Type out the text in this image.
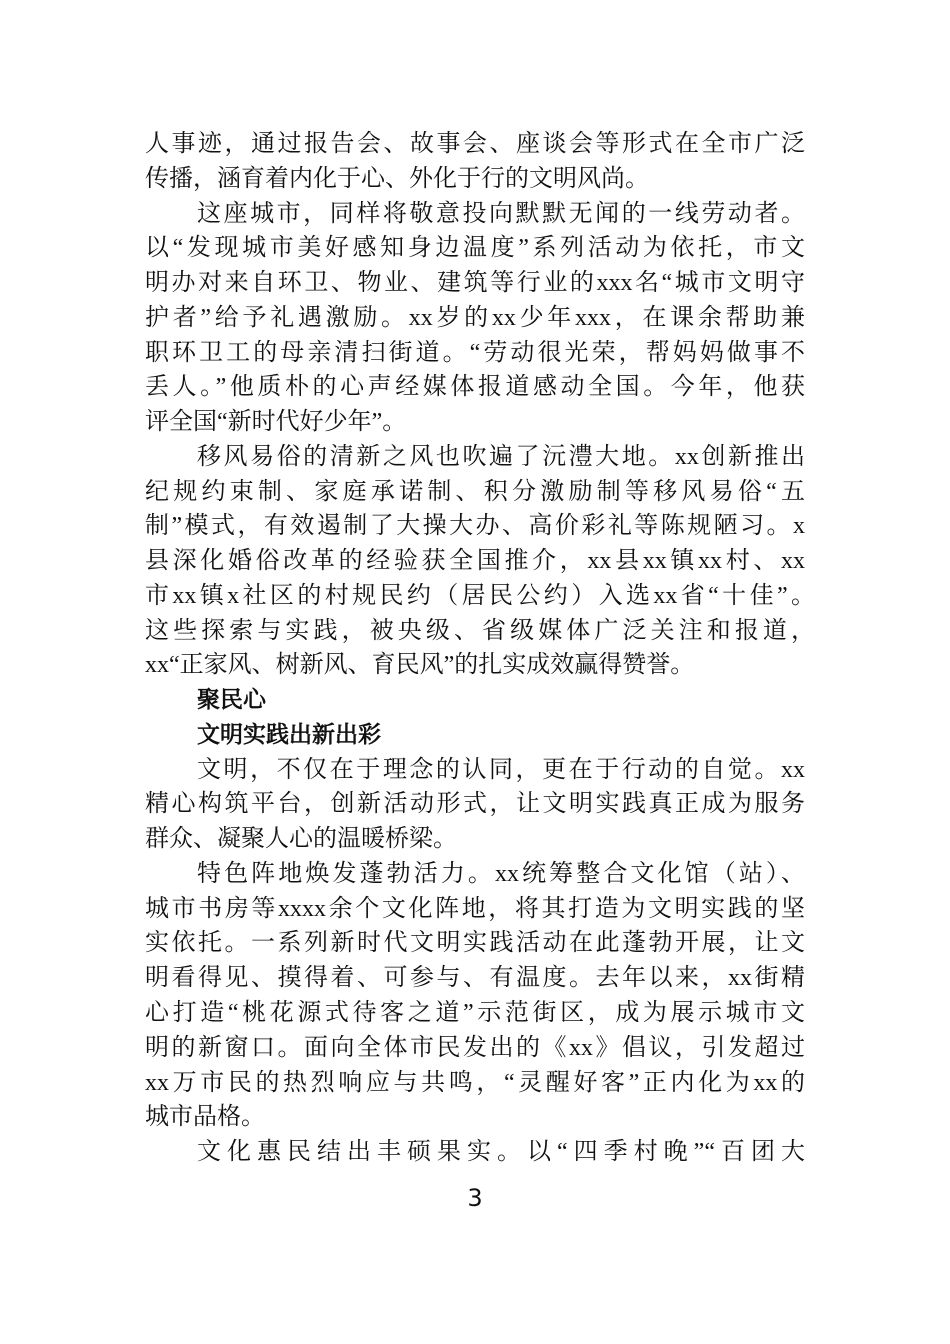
人事迹，通过报告会、故事会、座谈会等形式在全市广泛
传播，涵育着内化于心、外化于行的文明风尚。
这座城市，同样将敬意投向默默无闻的一线劳动者。
以“发现城市美好感知身边温度”系列活动为依托，市文
明办对来自环卫、物业、建筑等行业的xxx名“城市文明守
护者”给予礼遇激励。xx岁的xx少年xxx，在课余帮助兼
职环卫工的母亲清扫街道。“劳动很光荣，帮妈妈做事不
丢人。”他质朴的心声经媒体报道感动全国。今年，他获
评全国“新时代好少年”。
移风易俗的清新之风也吹遍了沅澧大地。xx创新推出
纪规约束制、家庭承诺制、积分激励制等移风易俗“五
制”模式，有效遏制了大操大办、高价彩礼等陈规陋习。x
县深化婚俗改革的经验获全国推介，xx县xx镇xx村、xx
市xx镇x社区的村规民约（居民公约）入选xx省“十佳”。
这些探索与实践，被央级、省级媒体广泛关注和报道，
xx“正家风、树新风、育民风”的扎实成效赢得赞誉。
聚民心
文明实践出新出彩
文明，不仅在于理念的认同，更在于行动的自觉。xx
精心构筑平台，创新活动形式，让文明实践真正成为服务
群众、凝聚人心的温暖桥梁。
特色阵地焕发蓬勃活力。xx统筹整合文化馆（站）、
城市书房等xxxx余个文化阵地，将其打造为文明实践的坚
实依托。一系列新时代文明实践活动在此蓬勃开展，让文
明看得见、摸得着、可参与、有温度。去年以来，xx街精
心打造“桃花源式待客之道”示范街区，成为展示城市文
明的新窗口。面向全体市民发出的《xx》倡议，引发超过
xx万市民的热烈响应与共鸣，“灵醒好客”正内化为xx的
城市品格。
文化惠民结出丰硕果实。以“四季村晚”“百团大
3
